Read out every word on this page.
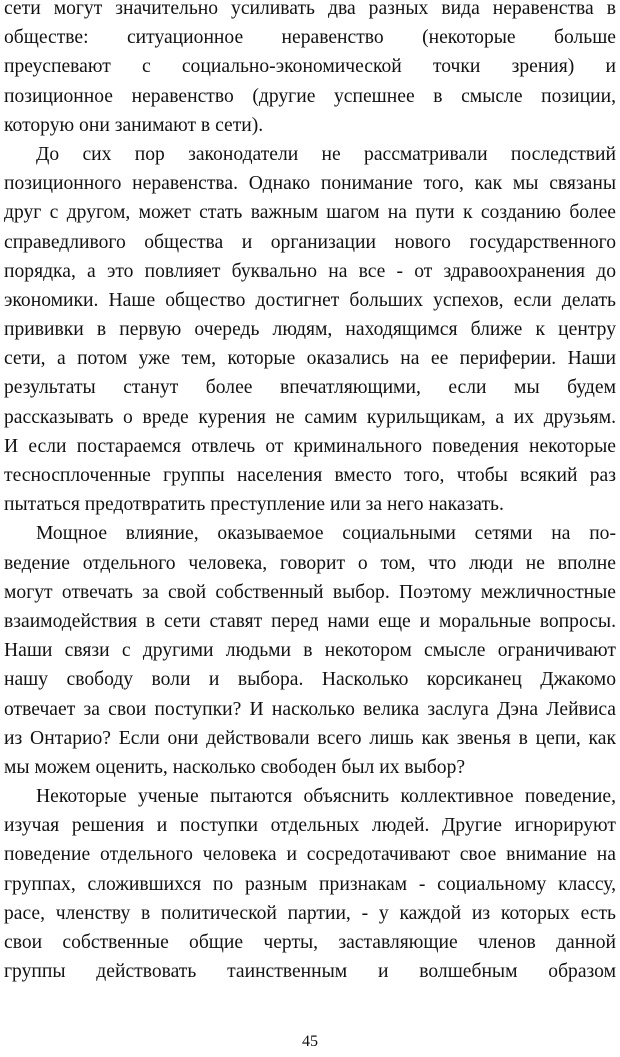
сети могут значительно усиливать два разных вида неравенства в
обществе: ситуационное неравенство (некоторые больше
преуспевают с социально-экономической точки зрения) и
позиционное неравенство (другие успешнее в смысле позиции,
которую они занимают в сети).
До сих пор законодатели не рассматривали последствий
позиционного неравенства. Однако понимание того, как мы связаны
друг с другом, может стать важным шагом на пути к созданию более
справедливого общества и организации нового государственного
порядка, а это повлияет буквально на все - от здравоохранения до
экономики. Наше общество достигнет больших успехов, если делать
прививки в первую очередь людям, находящимся ближе к центру
сети, а потом уже тем, которые оказались на ее периферии. Наши
результаты станут более впечатляющими, если мы будем
рассказывать о вреде курения не самим курильщикам, а их друзьям.
И если постараемся отвлечь от криминального поведения некоторые
тесносплоченные группы населения вместо того, чтобы всякий раз
пытаться предотвратить преступление или за него наказать.
Мощное влияние, оказываемое социальными сетями на по-
ведение отдельного человека, говорит о том, что люди не вполне
могут отвечать за свой собственный выбор. Поэтому межличностные
взаимодействия в сети ставят перед нами еще и моральные вопросы.
Наши связи с другими людьми в некотором смысле ограничивают
нашу свободу воли и выбора. Насколько корсиканец Джакомо
отвечает за свои поступки? И насколько велика заслуга Дэна Лейвиса
из Онтарио? Если они действовали всего лишь как звенья в цепи, как
мы можем оценить, насколько свободен был их выбор?
Некоторые ученые пытаются объяснить коллективное поведение,
изучая решения и поступки отдельных людей. Другие игнорируют
поведение отдельного человека и сосредотачивают свое внимание на
группах, сложившихся по разным признакам - социальному классу,
расе, членству в политической партии, - у каждой из которых есть
свои собственные общие черты, заставляющие членов данной
группы действовать таинственным и волшебным образом
45
